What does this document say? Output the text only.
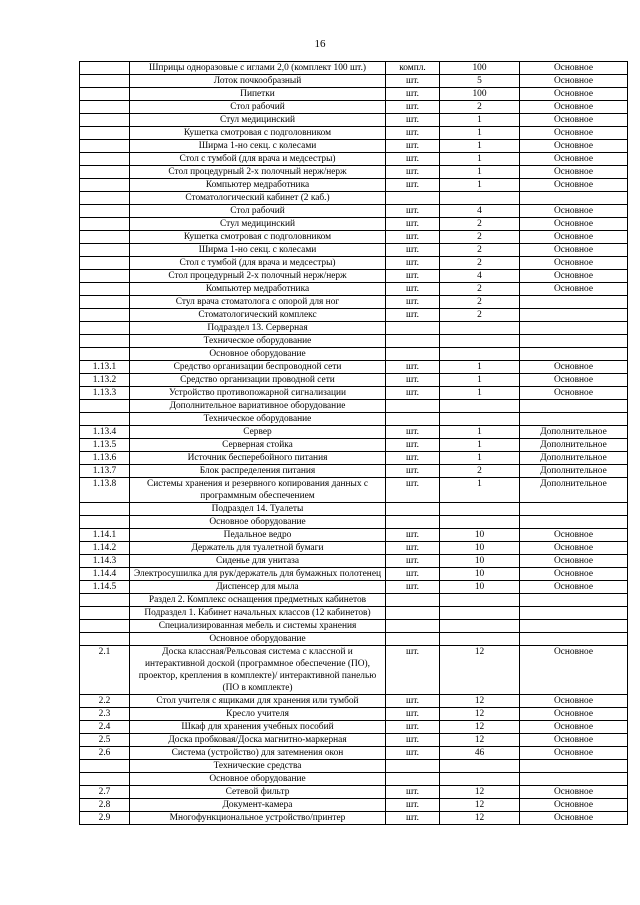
16
	Шприцы одноразовые с иглами 2,0 (комплект 100 шт.)	компл.	100	Основное
	Лоток почкообразный	шт.	5	Основное
	Пипетки	шт.	100	Основное
	Стол рабочий	шт.	2	Основное
	Стул медицинский	шт.	1	Основное
	Кушетка смотровая с подголовником	шт.	1	Основное
	Ширма 1-но секц. с колесами	шт.	1	Основное
	Стол с тумбой (для врача и медсестры)	шт.	1	Основное
	Стол процедурный 2-х полочный нерж/нерж	шт.	1	Основное
	Компьютер медработника	шт.	1	Основное
	Стоматологический кабинет (2 каб.)			
	Стол рабочий	шт.	4	Основное
	Стул медицинский	шт.	2	Основное
	Кушетка смотровая с подголовником	шт.	2	Основное
	Ширма 1-но секц. с колесами	шт.	2	Основное
	Стол с тумбой (для врача и медсестры)	шт.	2	Основное
	Стол процедурный 2-х полочный нерж/нерж	шт.	4	Основное
	Компьютер медработника	шт.	2	Основное
	Стул врача стоматолога с опорой для ног	шт.	2	
	Стоматологический комплекс	шт.	2	
	Подраздел 13. Серверная			
	Техническое оборудование			
	Основное оборудование			
1.13.1	Средство организации беспроводной сети	шт.	1	Основное
1.13.2	Средство организации проводной сети	шт.	1	Основное
1.13.3	Устройство противопожарной сигнализации	шт.	1	Основное
	Дополнительное вариативное оборудование			
	Техническое оборудование			
1.13.4	Сервер	шт.	1	Дополнительное
1.13.5	Серверная стойка	шт.	1	Дополнительное
1.13.6	Источник бесперебойного питания	шт.	1	Дополнительное
1.13.7	Блок распределения питания	шт.	2	Дополнительное
1.13.8	Системы хранения и резервного копирования данных с программным обеспечением	шт.	1	Дополнительное
	Подраздел 14. Туалеты			
	Основное оборудование			
1.14.1	Педальное ведро	шт.	10	Основное
1.14.2	Держатель для туалетной бумаги	шт.	10	Основное
1.14.3	Сиденье для унитаза	шт.	10	Основное
1.14.4	Электросушилка для рук/держатель для бумажных полотенец	шт.	10	Основное
1.14.5	Диспенсер для мыла	шт.	10	Основное
	Раздел 2. Комплекс оснащения предметных кабинетов			
	Подраздел 1. Кабинет начальных классов (12 кабинетов)			
	Специализированная мебель и системы хранения			
	Основное оборудование			
2.1	Доска классная/Рельсовая система с классной и интерактивной доской (программное обеспечение (ПО), проектор, крепления в комплекте)/ интерактивной панелью (ПО в комплекте)	шт.	12	Основное
2.2	Стол учителя с ящиками для хранения или тумбой	шт.	12	Основное
2.3	Кресло учителя	шт.	12	Основное
2.4	Шкаф для хранения учебных пособий	шт.	12	Основное
2.5	Доска пробковая/Доска магнитно-маркерная	шт.	12	Основное
2.6	Система (устройство) для затемнения окон	шт.	46	Основное
	Технические средства			
	Основное оборудование			
2.7	Сетевой фильтр	шт.	12	Основное
2.8	Документ-камера	шт.	12	Основное
2.9	Многофункциональное устройство/принтер	шт.	12	Основное
